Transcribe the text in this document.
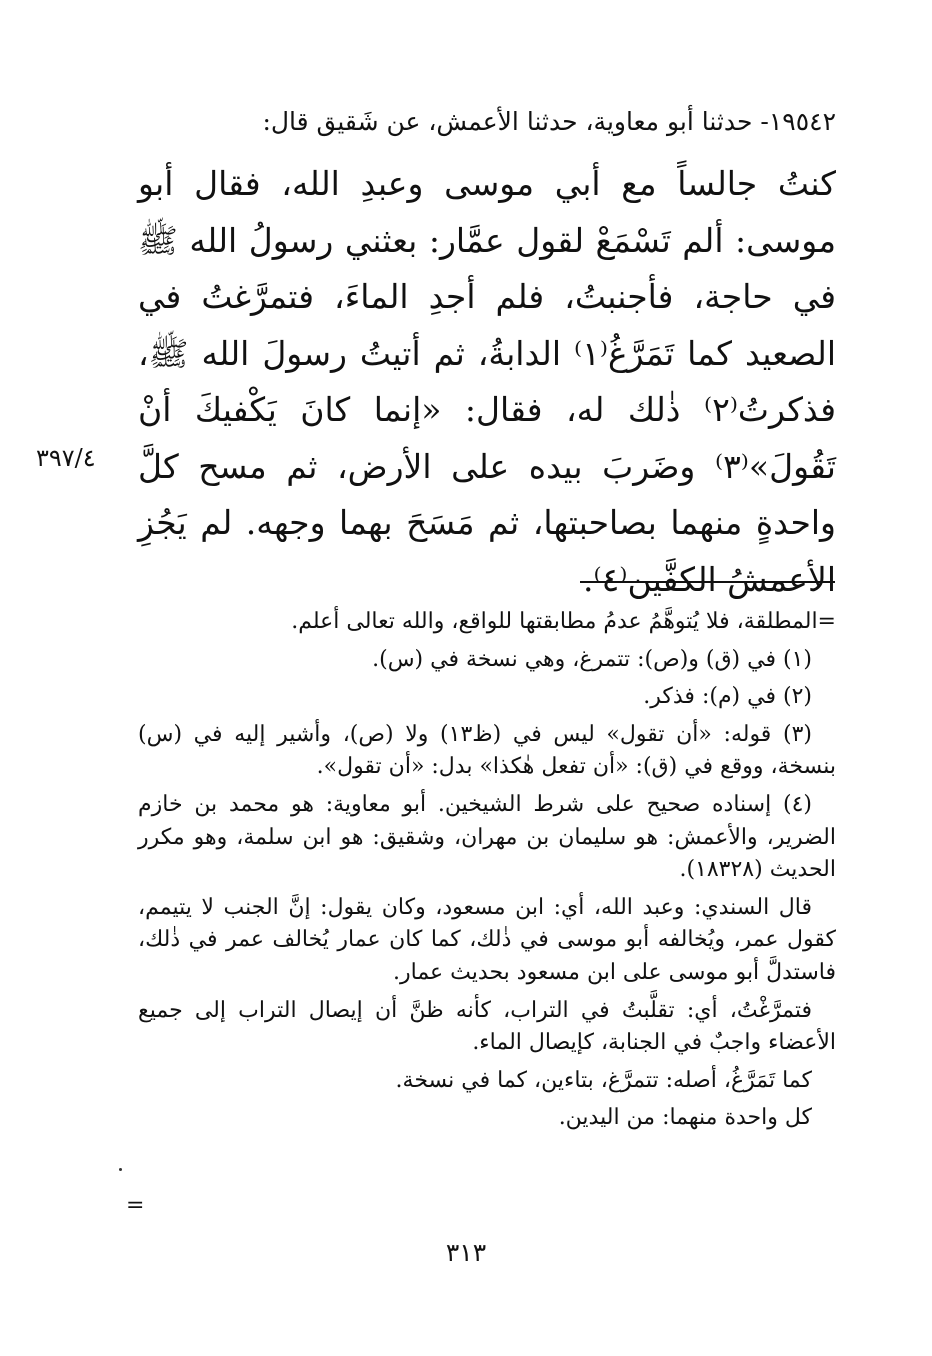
١٩٥٤٢- حدثنا أبو معاوية، حدثنا الأعمش، عن شَقيق قال:

كنتُ جالساً مع أبي موسى وعبدِ الله، فقال أبو موسى: ألم تَسْمَعْ لقول عمَّار: بعثني رسولُ الله ﷺ في حاجة، فأجنبتُ، فلم أجدِ الماءَ، فتمرَّغتُ في الصعيد كما تَمَرَّغُ⁽١⁾ الدابةُ، ثم أتيتُ رسولَ الله ﷺ، فذكرتُ⁽٢⁾ ذٰلك له، فقال: «إنما كانَ يَكْفيكَ أنْ تَقُولَ»⁽٣⁾ وضَربَ بيده على الأرض، ثم مسح كلَّ واحدةٍ منهما بصاحبتها، ثم مَسَحَ بهما وجهه. لم يَجُزِ الأعمشُ الكفَّين⁽٤⁾.

٣٩٧/٤

=المطلقة، فلا يُتوهَّمُ عدمُ مطابقتها للواقع، والله تعالى أعلم.

(١) في (ق) و(ص): تتمرغ، وهي نسخة في (س).

(٢) في (م): فذكر.

(٣) قوله: «أن تقول» ليس في (ظ١٣) ولا (ص)، وأشير إليه في (س) بنسخة، ووقع في (ق): «أن تفعل هٰكذا» بدل: «أن تقول».

(٤) إسناده صحيح على شرط الشيخين. أبو معاوية: هو محمد بن خازم الضرير، والأعمش: هو سليمان بن مهران، وشقيق: هو ابن سلمة، وهو مكرر الحديث (١٨٣٢٨).

قال السندي: وعبد الله، أي: ابن مسعود، وكان يقول: إنَّ الجنب لا يتيمم، كقول عمر، ويُخالفه أبو موسى في ذٰلك، كما كان عمار يُخالف عمر في ذٰلك، فاستدلَّ أبو موسى على ابن مسعود بحديث عمار.

فتمرَّغْتُ، أي: تقلَّبتُ في التراب، كأنه ظنَّ أن إيصال التراب إلى جميع الأعضاء واجبٌ في الجنابة، كإيصال الماء.

كما تَمَرَّغُ، أصله: تتمرَّغ، بتاءين، كما في نسخة.

كل واحدة منهما: من اليدين.

=
٣١٣
